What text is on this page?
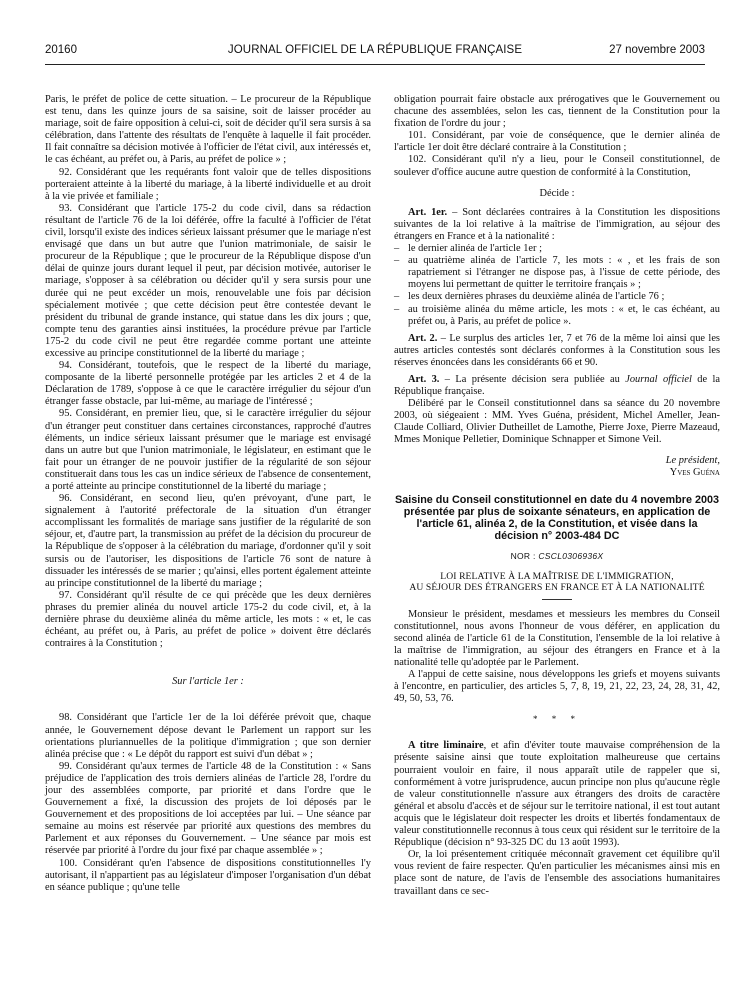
20160	JOURNAL OFFICIEL DE LA RÉPUBLIQUE FRANÇAISE	27 novembre 2003

Paris, le préfet de police de cette situation. – Le procureur de la République est tenu, dans les quinze jours de sa saisine, soit de laisser procéder au mariage, soit de faire opposition à celui-ci, soit de décider qu'il sera sursis à sa célébration, dans l'attente des résultats de l'enquête à laquelle il fait procéder. Il fait connaître sa décision motivée à l'officier de l'état civil, aux intéressés et, le cas échéant, au préfet ou, à Paris, au préfet de police » ;

92. Considérant que les requérants font valoir que de telles dispositions porteraient atteinte à la liberté du mariage, à la liberté individuelle et au droit à la vie privée et familiale ;

93. Considérant que l'article 175-2 du code civil, dans sa rédaction résultant de l'article 76 de la loi déférée, offre la faculté à l'officier de l'état civil, lorsqu'il existe des indices sérieux laissant présumer que le mariage n'est envisagé que dans un but autre que l'union matrimoniale, de saisir le procureur de la République ; que le procureur de la République dispose d'un délai de quinze jours durant lequel il peut, par décision motivée, autoriser le mariage, s'opposer à sa célébration ou décider qu'il y sera sursis pour une durée qui ne peut excéder un mois, renouvelable une fois par décision spécialement motivée ; que cette décision peut être contestée devant le président du tribunal de grande instance, qui statue dans les dix jours ; que, compte tenu des garanties ainsi instituées, la procédure prévue par l'article 175-2 du code civil ne peut être regardée comme portant une atteinte excessive au principe constitutionnel de la liberté du mariage ;

94. Considérant, toutefois, que le respect de la liberté du mariage, composante de la liberté personnelle protégée par les articles 2 et 4 de la Déclaration de 1789, s'oppose à ce que le caractère irrégulier du séjour d'un étranger fasse obstacle, par lui-même, au mariage de l'intéressé ;

95. Considérant, en premier lieu, que, si le caractère irrégulier du séjour d'un étranger peut constituer dans certaines circonstances, rapproché d'autres éléments, un indice sérieux laissant présumer que le mariage est envisagé dans un autre but que l'union matrimoniale, le législateur, en estimant que le fait pour un étranger de ne pouvoir justifier de la régularité de son séjour constituerait dans tous les cas un indice sérieux de l'absence de consentement, a porté atteinte au principe constitutionnel de la liberté du mariage ;

96. Considérant, en second lieu, qu'en prévoyant, d'une part, le signalement à l'autorité préfectorale de la situation d'un étranger accomplissant les formalités de mariage sans justifier de la régularité de son séjour, et, d'autre part, la transmission au préfet de la décision du procureur de la République de s'opposer à la célébration du mariage, d'ordonner qu'il y soit sursis ou de l'autoriser, les dispositions de l'article 76 sont de nature à dissuader les intéressés de se marier ; qu'ainsi, elles portent également atteinte au principe constitutionnel de la liberté du mariage ;

97. Considérant qu'il résulte de ce qui précède que les deux dernières phrases du premier alinéa du nouvel article 175-2 du code civil, et, à la dernière phrase du deuxième alinéa du même article, les mots : « et, le cas échéant, au préfet ou, à Paris, au préfet de police » doivent être déclarés contraires à la Constitution ;

Sur l'article 1er :

98. Considérant que l'article 1er de la loi déférée prévoit que, chaque année, le Gouvernement dépose devant le Parlement un rapport sur les orientations pluriannuelles de la politique d'immigration ; que son dernier alinéa précise que : « Le dépôt du rapport est suivi d'un débat » ;

99. Considérant qu'aux termes de l'article 48 de la Constitution : « Sans préjudice de l'application des trois derniers alinéas de l'article 28, l'ordre du jour des assemblées comporte, par priorité et dans l'ordre que le Gouvernement a fixé, la discussion des projets de loi déposés par le Gouvernement et des propositions de loi acceptées par lui. – Une séance par semaine au moins est réservée par priorité aux questions des membres du Parlement et aux réponses du Gouvernement. – Une séance par mois est réservée par priorité à l'ordre du jour fixé par chaque assemblée » ;

100. Considérant qu'en l'absence de dispositions constitutionnelles l'y autorisant, il n'appartient pas au législateur d'imposer l'organisation d'un débat en séance publique ; qu'une telle

obligation pourrait faire obstacle aux prérogatives que le Gouvernement ou chacune des assemblées, selon les cas, tiennent de la Constitution pour la fixation de l'ordre du jour ;

101. Considérant, par voie de conséquence, que le dernier alinéa de l'article 1er doit être déclaré contraire à la Constitution ;

102. Considérant qu'il n'y a lieu, pour le Conseil constitutionnel, de soulever d'office aucune autre question de conformité à la Constitution,

Décide :

Art. 1er. – Sont déclarées contraires à la Constitution les dispositions suivantes de la loi relative à la maîtrise de l'immigration, au séjour des étrangers en France et à la nationalité :

– le dernier alinéa de l'article 1er ;
– au quatrième alinéa de l'article 7, les mots : « , et les frais de son rapatriement si l'étranger ne dispose pas, à l'issue de cette période, des moyens lui permettant de quitter le territoire français » ;
– les deux dernières phrases du deuxième alinéa de l'article 76 ;
– au troisième alinéa du même article, les mots : « et, le cas échéant, au préfet ou, à Paris, au préfet de police ».

Art. 2. – Le surplus des articles 1er, 7 et 76 de la même loi ainsi que les autres articles contestés sont déclarés conformes à la Constitution sous les réserves énoncées dans les considérants 66 et 90.

Art. 3. – La présente décision sera publiée au Journal officiel de la République française.

Délibéré par le Conseil constitutionnel dans sa séance du 20 novembre 2003, où siégeaient : MM. Yves Guéna, président, Michel Ameller, Jean-Claude Colliard, Olivier Dutheillet de Lamothe, Pierre Joxe, Pierre Mazeaud, Mmes Monique Pelletier, Dominique Schnapper et Simone Veil.

Le président,

Yves Guéna

Saisine du Conseil constitutionnel en date du 4 novembre 2003 présentée par plus de soixante sénateurs, en application de l'article 61, alinéa 2, de la Constitution, et visée dans la décision n° 2003-484 DC
NOR : CSCL0306936X
LOI RELATIVE À LA MAÎTRISE DE L'IMMIGRATION,
AU SÉJOUR DES ÉTRANGERS EN FRANCE ET À LA NATIONALITÉ

Monsieur le président, mesdames et messieurs les membres du Conseil constitutionnel, nous avons l'honneur de vous déférer, en application du second alinéa de l'article 61 de la Constitution, l'ensemble de la loi relative à la maîtrise de l'immigration, au séjour des étrangers en France et à la nationalité telle qu'adoptée par le Parlement.

A l'appui de cette saisine, nous développons les griefs et moyens suivants à l'encontre, en particulier, des articles 5, 7, 8, 19, 21, 22, 23, 24, 28, 31, 42, 49, 50, 53, 76.

* * *

A titre liminaire, et afin d'éviter toute mauvaise compréhension de la présente saisine ainsi que toute exploitation malheureuse que certains pourraient vouloir en faire, il nous apparaît utile de rappeler que si, conformément à votre jurisprudence, aucun principe non plus qu'aucune règle de valeur constitutionnelle n'assure aux étrangers des droits de caractère général et absolu d'accès et de séjour sur le territoire national, il est tout autant acquis que le législateur doit respecter les droits et libertés fondamentaux de valeur constitutionnelle reconnus à tous ceux qui résident sur le territoire de la République (décision n° 93-325 DC du 13 août 1993).

Or, la loi présentement critiquée méconnaît gravement cet équilibre qu'il vous revient de faire respecter. Qu'en particulier les mécanismes ainsi mis en place sont de nature, de l'avis de l'ensemble des associations humanitaires travaillant dans ce sec-
